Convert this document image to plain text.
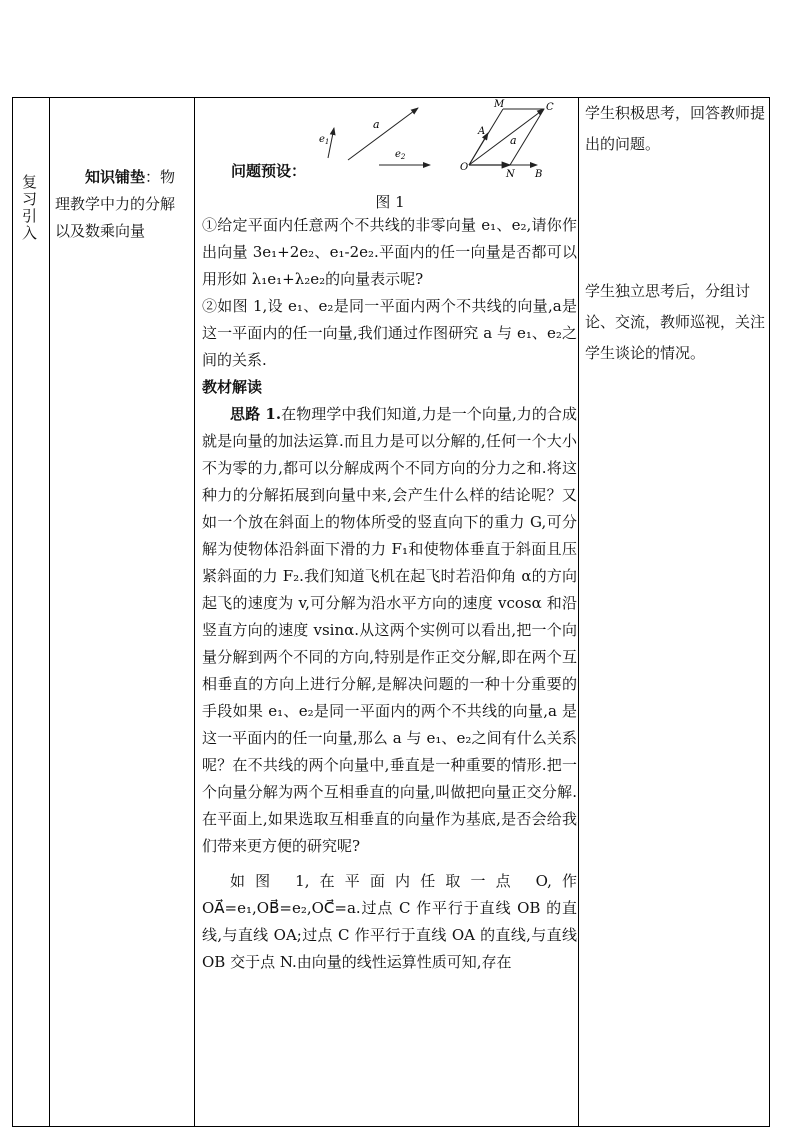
复习引入

知识铺垫：物理教学中力的分解以及数乘向量

问题预设：
$e_1$
a
$e_2$
M	C
A
a
O
N B

图 1

①给定平面内任意两个不共线的非零向量 e₁、e₂,请你作出向量 3e₁+2e₂、e₁-2e₂.平面内的任一向量是否都可以用形如 λ₁e₁+λ₂e₂的向量表示呢?

②如图 1,设 e₁、e₂是同一平面内两个不共线的向量,a是这一平面内的任一向量,我们通过作图研究 a 与 e₁、e₂之间的关系.

教材解读

思路 1.在物理学中我们知道,力是一个向量,力的合成就是向量的加法运算.而且力是可以分解的,任何一个大小不为零的力,都可以分解成两个不同方向的分力之和.将这种力的分解拓展到向量中来,会产生什么样的结论呢？又如一个放在斜面上的物体所受的竖直向下的重力 G,可分解为使物体沿斜面下滑的力 F₁和使物体垂直于斜面且压紧斜面的力 F₂.我们知道飞机在起飞时若沿仰角 α的方向起飞的速度为 v,可分解为沿水平方向的速度 vcosα 和沿竖直方向的速度 vsinα.从这两个实例可以看出,把一个向量分解到两个不同的方向,特别是作正交分解,即在两个互相垂直的方向上进行分解,是解决问题的一种十分重要的手段如果 e₁、e₂是同一平面内的两个不共线的向量,a 是这一平面内的任一向量,那么 a 与 e₁、e₂之间有什么关系呢？在不共线的两个向量中,垂直是一种重要的情形.把一个向量分解为两个互相垂直的向量,叫做把向量正交分解.在平面上,如果选取互相垂直的向量作为基底,是否会给我们带来更方便的研究呢?

如图 1,在平面内任取一点 O,作 OA⃗=e₁,OB⃗=e₂,OC⃗=a.过点 C 作平行于直线 OB 的直线,与直线 OA;过点 C 作平行于直线 OA 的直线,与直线 OB 交于点 N.由向量的线性运算性质可知,存在

学生积极思考，回答教师提出的问题。

学生独立思考后，分组讨论、交流，教师巡视，关注学生谈论的情况。
